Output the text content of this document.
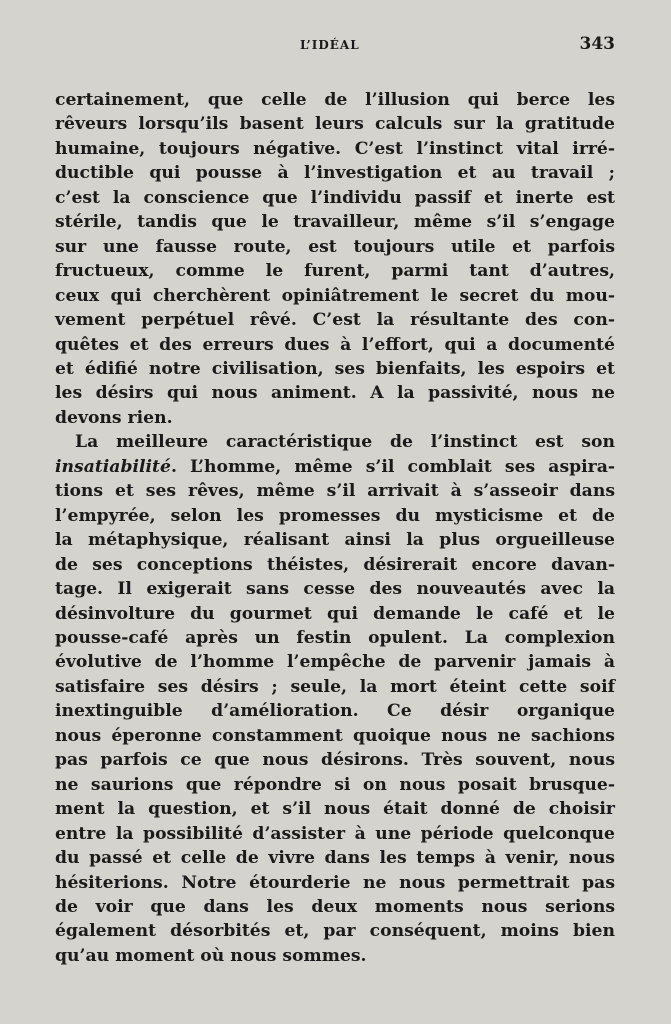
L’IDÉAL	343
certainement, que celle de l’illusion qui berce les
rêveurs lorsqu’ils basent leurs calculs sur la gratitude
humaine, toujours négative. C’est l’instinct vital irré-
ductible qui pousse à l’investigation et au travail ;
c’est la conscience que l’individu passif et inerte est
stérile, tandis que le travailleur, même s’il s’engage
sur une fausse route, est toujours utile et parfois
fructueux, comme le furent, parmi tant d’autres,
ceux qui cherchèrent opiniâtrement le secret du mou-
vement perpétuel rêvé. C’est la résultante des con-
quêtes et des erreurs dues à l’effort, qui a documenté
et édifié notre civilisation, ses bienfaits, les espoirs et
les désirs qui nous animent. A la passivité, nous ne
devons rien.
La meilleure caractéristique de l’instinct est son
insatiabilité . L’homme, même s’il comblait ses aspira-
tions et ses rêves, même s’il arrivait à s’asseoir dans
l’empyrée, selon les promesses du mysticisme et de
la métaphysique, réalisant ainsi la plus orgueilleuse
de ses conceptions théistes, désirerait encore davan-
tage. Il exigerait sans cesse des nouveautés avec la
désinvolture du gourmet qui demande le café et le
pousse-café après un festin opulent. La complexion
évolutive de l’homme l’empêche de parvenir jamais à
satisfaire ses désirs ; seule, la mort éteint cette soif
inextinguible d’amélioration. Ce désir organique
nous éperonne constamment quoique nous ne sachions
pas parfois ce que nous désirons. Très souvent, nous
ne saurions que répondre si on nous posait brusque-
ment la question, et s’il nous était donné de choisir
entre la possibilité d’assister à une période quelconque
du passé et celle de vivre dans les temps à venir, nous
hésiterions. Notre étourderie ne nous permettrait pas
de voir que dans les deux moments nous serions
également désorbités et, par conséquent, moins bien
qu’au moment où nous sommes.
